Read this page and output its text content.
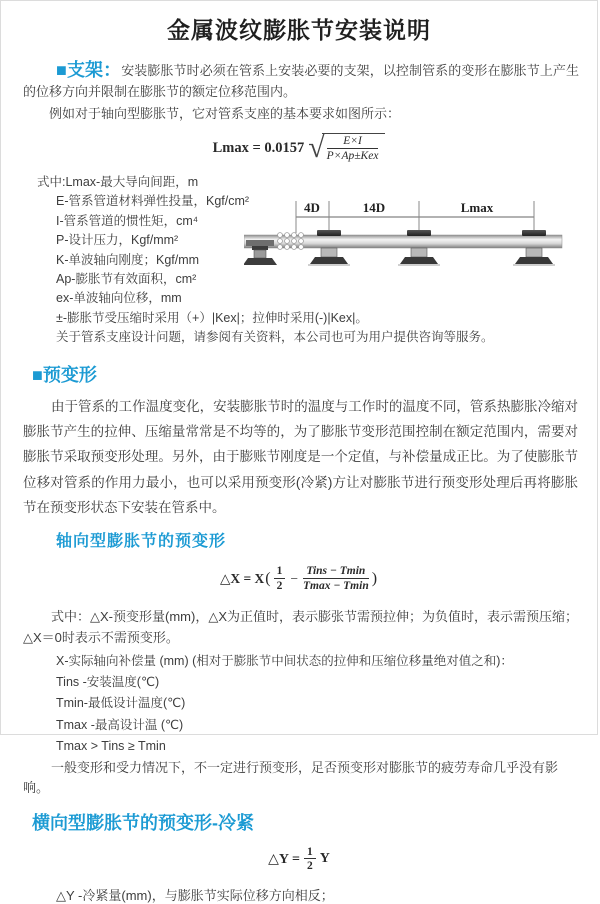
金属波纹膨胀节安装说明
■支架：安装膨胀节时必须在管系上安装必要的支架，以控制管系的变形在膨胀节上产生的位移方向并限制在膨胀节的额定位移范围内。
例如对于轴向型膨胀节，它对管系支座的基本要求如图所示：
Lmax = 0.0157 √ $\frac{E\times I}{\text{P×Ap±Kex}}$
式中:Lmax-最大导向间距，m
E-管系管道材料弹性投量，Kgf/cm²
I-管系管道的惯性矩，cm⁴
P-设计压力，Kgf/mm²
K-单波轴向刚度；Kgf/mm
Ap-膨胀节有效面积，cm²
ex-单波轴向位移，mm
±-膨胀节受压缩时采用（+）|Kex|；拉伸时采用(-)|Kex|。
关于管系支座设计问题，请参阅有关资料，本公司也可为用户提供咨询等服务。
4D	14D	Lmax
■预变形
由于管系的工作温度变化，安装膨胀节时的温度与工作时的温度不同，管系热膨胀冷缩对膨胀节产生的拉伸、压缩量常常是不均等的，为了膨胀节变形范围控制在额定范围内，需要对膨胀节采取预变形处理。另外，由于膨账节刚度是一个定值，与补偿量成正比。为了使膨胀节位移对管系的作用力最小，也可以采用预变形(冷紧)方让对膨胀节进行预变形处理后再将膨胀节在预变形状态下安装在管系中。
轴向型膨胀节的预变形
△X = X ( $\frac{1}{2} - \frac{\text{Tins − Tmin}}{Tmax - Tmin}$ )
式中：△X-预变形量(mm)，△X为正值时，表示膨张节需预拉伸；为负值时，表示需预压缩；△X＝0时表示不需预变形。
X-实际轴向补偿量 (mm) (相对于膨胀节中间状态的拉伸和压缩位移量绝对值之和)：
Tins -安装温度(℃)
Tmin-最低设计温度(℃)
Tmax -最高设计温 (℃)
Tmax > Tins ≥ Tmin
一般变形和受力情况下，不一定进行预变形，足否预变形对膨胀节的疲劳寿命几乎没有影响。
横向型膨胀节的预变形-冷紧
△Y = $\frac{1}{2}$ Y
△Y -冷紧量(mm)，与膨胀节实际位移方向相反；
